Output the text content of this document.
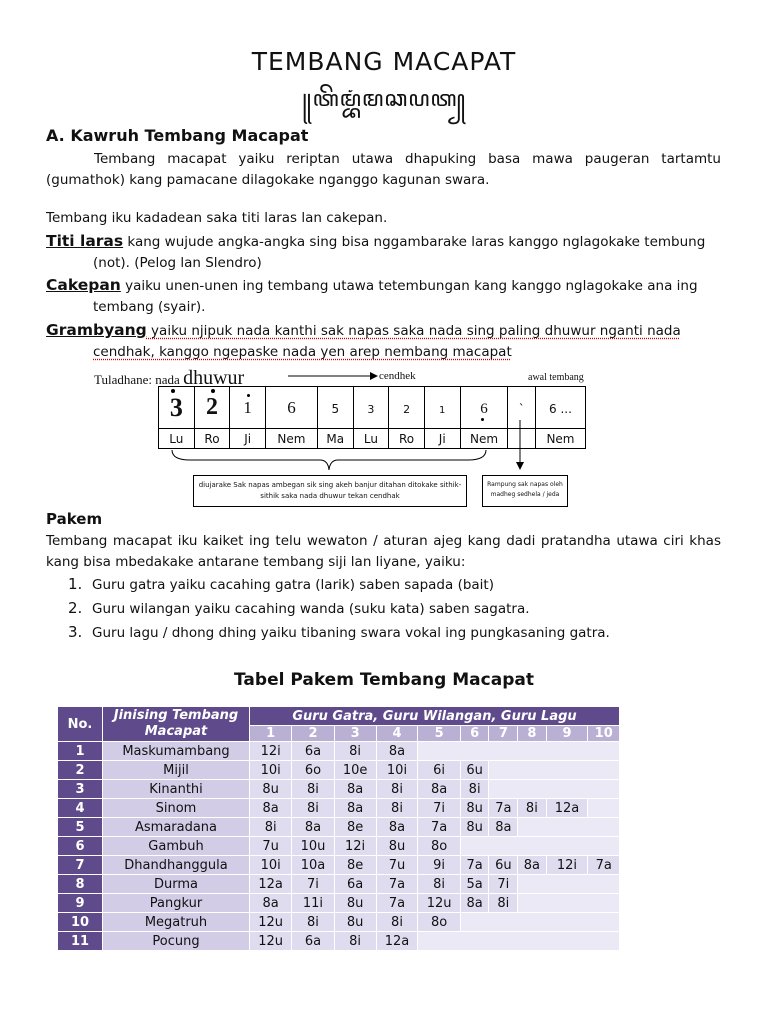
TEMBANG MACAPAT
꧋ꦠꦼꦩ꧀ꦧꦁꦩꦕꦥꦠ꧀
A. Kawruh Tembang Macapat
Tembang macapat yaiku reriptan utawa dhapuking basa mawa paugeran tartamtu (gumathok) kang pamacane dilagokake nganggo kagunan swara.
Tembang iku kadadean saka titi laras lan cakepan.
Titi laras kang wujude angka-angka sing bisa nggambarake laras kanggo nglagokake tembung
(not). (Pelog lan Slendro)
Cakepan yaiku unen-unen ing tembang utawa tetembungan kang kanggo nglagokake ana ing
tembang (syair).
Grambyang yaiku njipuk nada kanthi sak napas saka nada sing paling dhuwur nganti nada
cendhak, kanggo ngepaske nada yen arep nembang macapat
Tuladhane: nada dhuwur	cendhek	awal tembang
3	2	1	6	5	3	2	1	6	`	6 ...
Lu	Ro	Ji	Nem	Ma	Lu	Ro	Ji	Nem		Nem
diujarake Sak napas ambegan sik sing akeh banjur ditahan ditokake sithik-sithik saka nada dhuwur tekan cendhak
Rampung sak napas oleh madheg sedhela / jeda
Pakem
Tembang macapat iku kaiket ing telu wewaton / aturan ajeg kang dadi pratandha utawa ciri khas kang bisa mbedakake antarane tembang siji lan liyane, yaiku:
1. Guru gatra yaiku cacahing gatra (larik) saben sapada (bait)
2. Guru wilangan yaiku cacahing wanda (suku kata) saben sagatra.
3. Guru lagu / dhong dhing yaiku tibaning swara vokal ing pungkasaning gatra.
Tabel Pakem Tembang Macapat
No.	Jinising Tembang Macapat	Guru Gatra, Guru Wilangan, Guru Lagu									
		1	2	3	4	5	6	7	8	9	10
1	Maskumambang	12i	6a	8i	8a						
2	Mijil	10i	6o	10e	10i	6i	6u				
3	Kinanthi	8u	8i	8a	8i	8a	8i				
4	Sinom	8a	8i	8a	8i	7i	8u	7a	8i	12a	
5	Asmaradana	8i	8a	8e	8a	7a	8u	8a			
6	Gambuh	7u	10u	12i	8u	8o					
7	Dhandhanggula	10i	10a	8e	7u	9i	7a	6u	8a	12i	7a
8	Durma	12a	7i	6a	7a	8i	5a	7i			
9	Pangkur	8a	11i	8u	7a	12u	8a	8i			
10	Megatruh	12u	8i	8u	8i	8o					
11	Pocung	12u	6a	8i	12a						
